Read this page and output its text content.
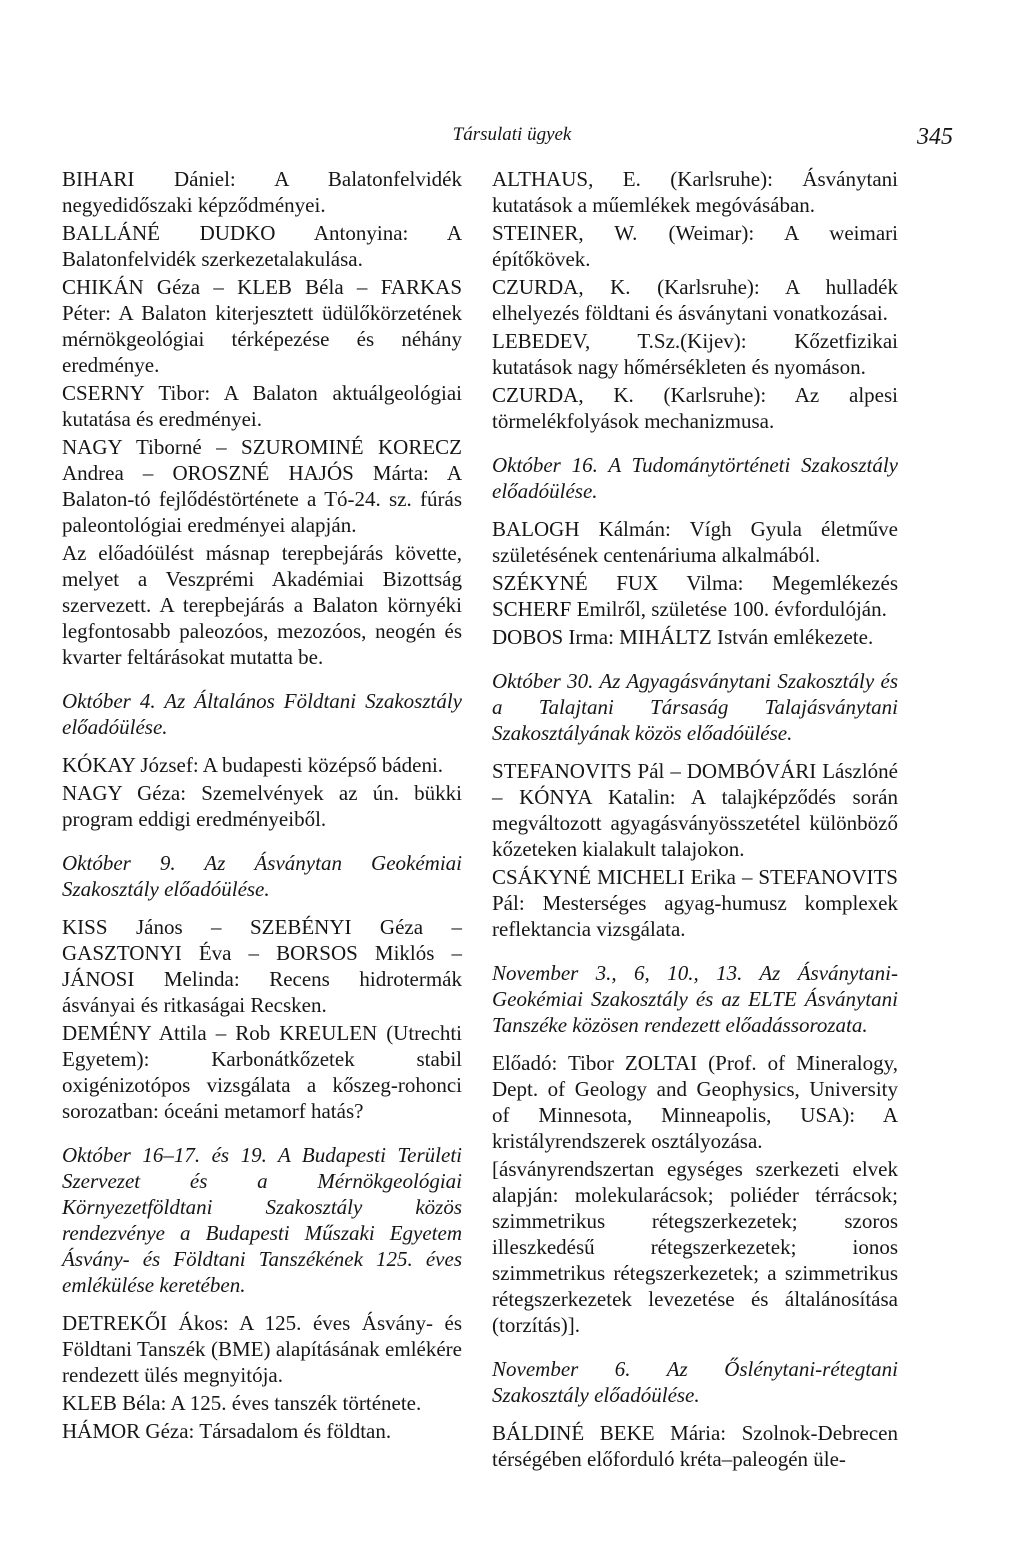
Társulati ügyek	345

BIHARI Dániel: A Balatonfelvidék negyedidőszaki képződményei.

BALLÁNÉ DUDKO Antonyina: A Balatonfelvidék szerkezetalakulása.

CHIKÁN Géza – KLEB Béla – FARKAS Péter: A Balaton kiterjesztett üdülőkörzetének mérnökgeológiai térképezése és néhány eredménye.

CSERNY Tibor: A Balaton aktuálgeológiai kutatása és eredményei.

NAGY Tiborné – SZUROMINÉ KORECZ Andrea – OROSZNÉ HAJÓS Márta: A Balaton-tó fejlődéstörténete a Tó-24. sz. fúrás paleontológiai eredményei alapján.

Az előadóülést másnap terepbejárás követte, melyet a Veszprémi Akadémiai Bizottság szervezett. A terepbejárás a Balaton környéki legfontosabb paleozóos, mezozóos, neogén és kvarter feltárásokat mutatta be.

Október 4. Az Általános Földtani Szakosztály előadóülése.

KÓKAY József: A budapesti középső bádeni.

NAGY Géza: Szemelvények az ún. bükki program eddigi eredményeiből.

Október 9. Az Ásványtan Geokémiai Szakosztály előadóülése.

KISS János – SZEBÉNYI Géza – GASZTONYI Éva – BORSOS Miklós – JÁNOSI Melinda: Recens hidrotermák ásványai és ritkaságai Recsken.

DEMÉNY Attila – Rob KREULEN (Utrechti Egyetem): Karbonátkőzetek stabil oxigénizotópos vizsgálata a kőszeg-rohonci sorozatban: óceáni metamorf hatás?

Október 16–17. és 19. A Budapesti Területi Szervezet és a Mérnökgeológiai Környezetföldtani Szakosztály közös rendezvénye a Budapesti Műszaki Egyetem Ásvány- és Földtani Tanszékének 125. éves emlékülése keretében.

DETREKŐI Ákos: A 125. éves Ásvány- és Földtani Tanszék (BME) alapításának emlékére rendezett ülés megnyitója.

KLEB Béla: A 125. éves tanszék története.

HÁMOR Géza: Társadalom és földtan.

ALTHAUS, E. (Karlsruhe): Ásványtani kutatások a műemlékek megóvásában.

STEINER, W. (Weimar): A weimari építőkövek.

CZURDA, K. (Karlsruhe): A hulladék elhelyezés földtani és ásványtani vonatkozásai.

LEBEDEV, T.Sz.(Kijev): Kőzetfizikai kutatások nagy hőmérsékleten és nyomáson.

CZURDA, K. (Karlsruhe): Az alpesi törmelékfolyások mechanizmusa.

Október 16. A Tudománytörténeti Szakosztály előadóülése.

BALOGH Kálmán: Vígh Gyula életműve születésének centenáriuma alkalmából.

SZÉKYNÉ FUX Vilma: Megemlékezés SCHERF Emilről, születése 100. évfordulóján.

DOBOS Irma: MIHÁLTZ István emlékezete.

Október 30. Az Agyagásványtani Szakosztály és a Talajtani Társaság Talajásványtani Szakosztályának közös előadóülése.

STEFANOVITS Pál – DOMBÓVÁRI Lászlóné – KÓNYA Katalin: A talajképződés során megváltozott agyagásványösszetétel különböző kőzeteken kialakult talajokon.

CSÁKYNÉ MICHELI Erika – STEFANOVITS Pál: Mesterséges agyag-humusz komplexek reflektancia vizsgálata.

November 3., 6, 10., 13. Az Ásványtani-Geokémiai Szakosztály és az ELTE Ásványtani Tanszéke közösen rendezett előadássorozata.

Előadó: Tibor ZOLTAI (Prof. of Mineralogy, Dept. of Geology and Geophysics, University of Minnesota, Minneapolis, USA): A kristályrendszerek osztályozása.

[ásványrendszertan egységes szerkezeti elvek alapján: molekularácsok; poliéder térrácsok; szimmetrikus rétegszerkezetek; szoros illeszkedésű rétegszerkezetek; ionos szimmetrikus rétegszerkezetek; a szimmetrikus rétegszerkezetek levezetése és általánosítása (torzítás)].

November 6. Az Őslénytani-rétegtani Szakosztály előadóülése.

BÁLDINÉ BEKE Mária: Szolnok-Debrecen térségében előforduló kréta–paleogén üle-
